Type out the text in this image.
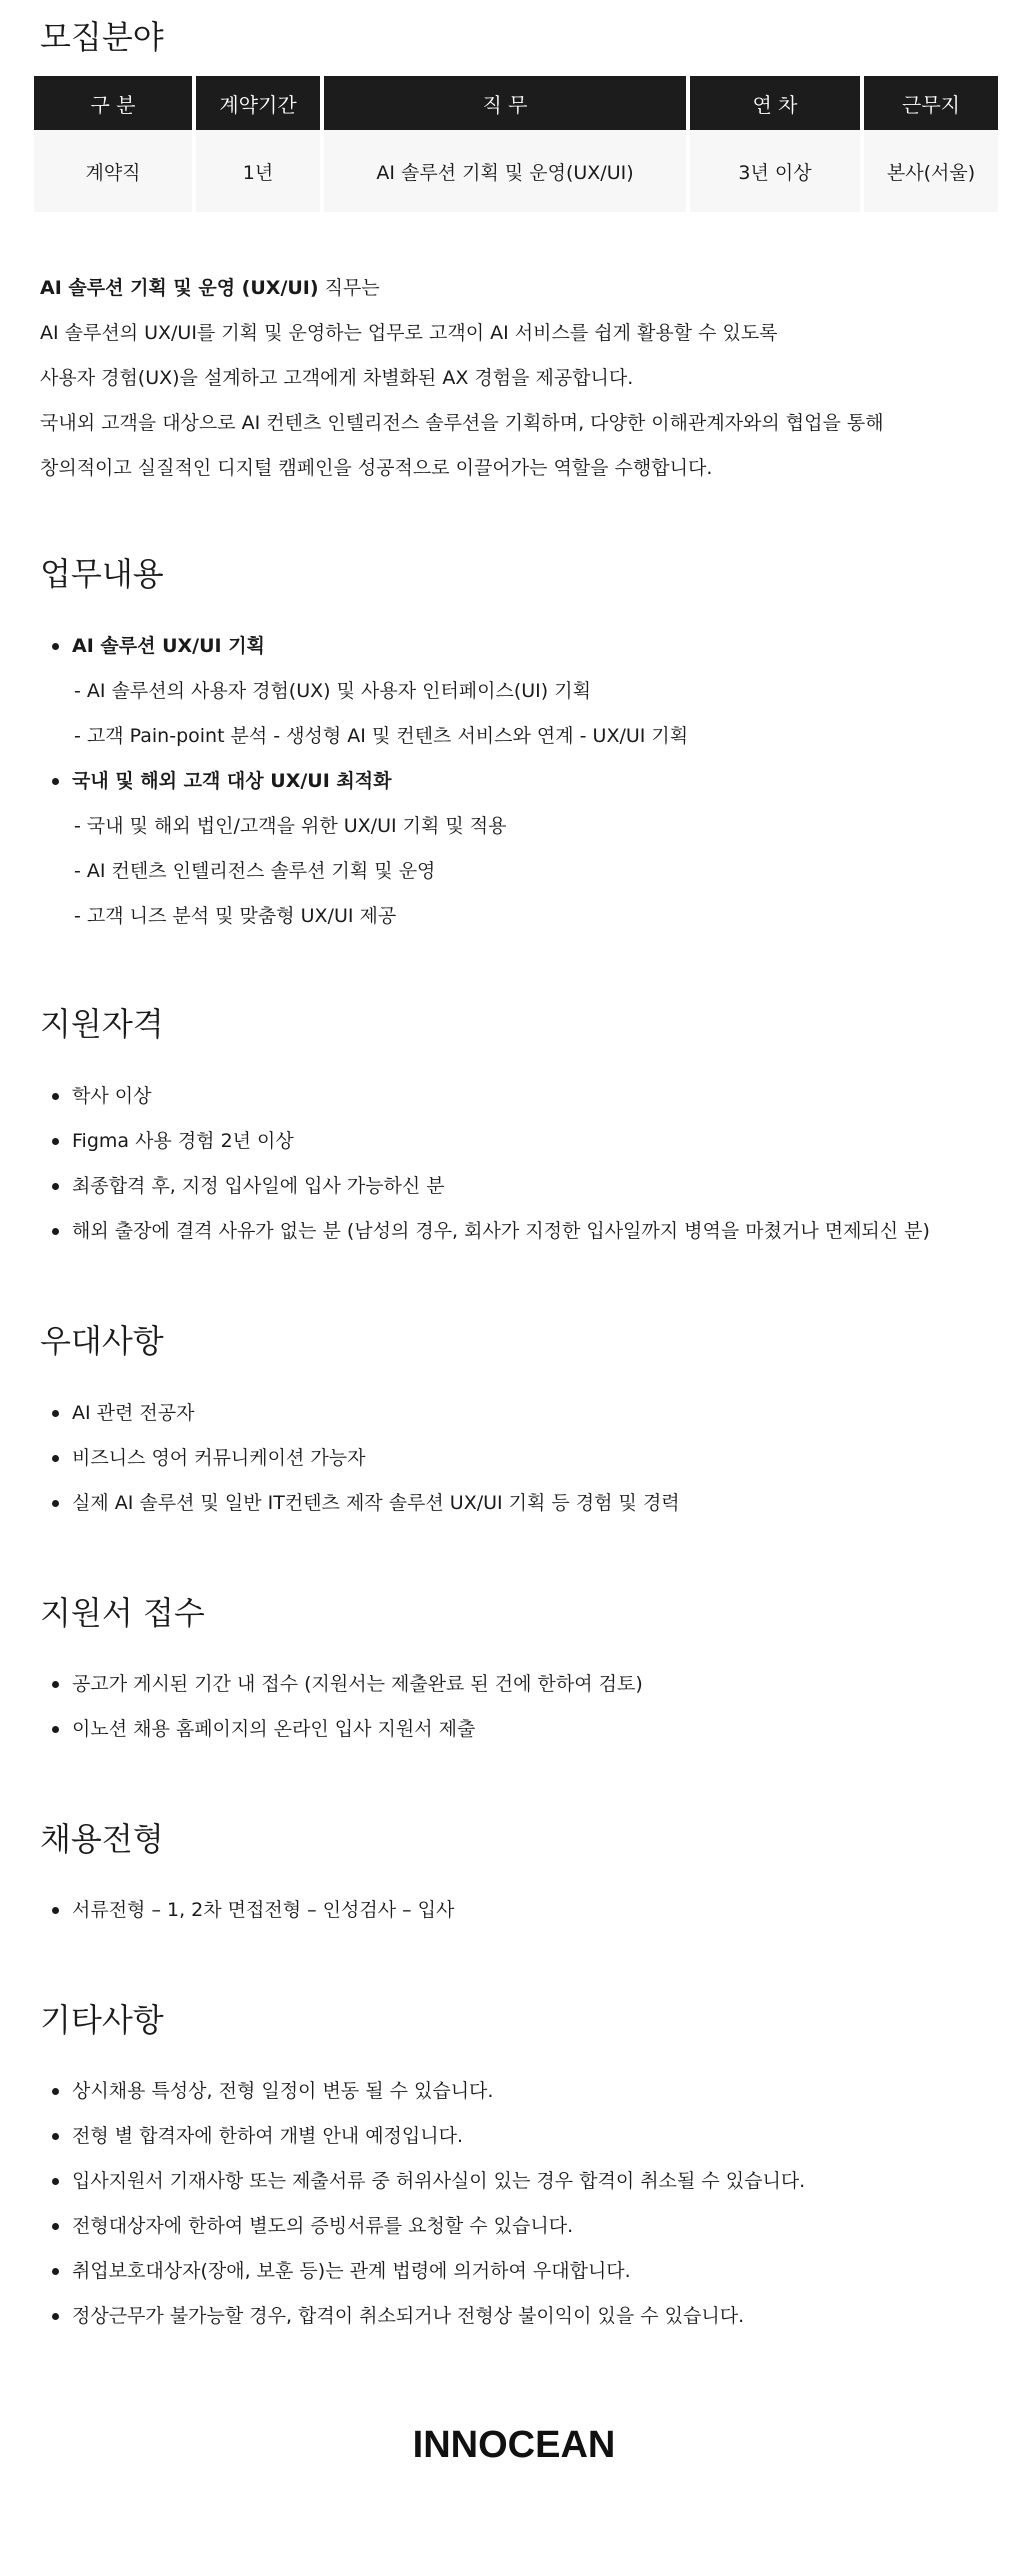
모집분야
구 분	계약기간	직 무	연 차	근무지
계약직	1년	AI 솔루션 기획 및 운영(UX/UI)	3년 이상	본사(서울)

AI 솔루션 기획 및 운영 (UX/UI) 직무는

AI 솔루션의 UX/UI를 기획 및 운영하는 업무로 고객이 AI 서비스를 쉽게 활용할 수 있도록

사용자 경험(UX)을 설계하고 고객에게 차별화된 AX 경험을 제공합니다.

국내외 고객을 대상으로 AI 컨텐츠 인텔리전스 솔루션을 기획하며, 다양한 이해관계자와의 협업을 통해

창의적이고 실질적인 디지털 캠페인을 성공적으로 이끌어가는 역할을 수행합니다.

업무내용
AI 솔루션 UX/UI 기획
- AI 솔루션의 사용자 경험(UX) 및 사용자 인터페이스(UI) 기획
- 고객 Pain-point 분석 - 생성형 AI 및 컨텐츠 서비스와 연계 - UX/UI 기획
국내 및 해외 고객 대상 UX/UI 최적화
- 국내 및 해외 법인/고객을 위한 UX/UI 기획 및 적용
- AI 컨텐츠 인텔리전스 솔루션 기획 및 운영
- 고객 니즈 분석 및 맞춤형 UX/UI 제공
지원자격
학사 이상
Figma 사용 경험 2년 이상
최종합격 후, 지정 입사일에 입사 가능하신 분
해외 출장에 결격 사유가 없는 분 (남성의 경우, 회사가 지정한 입사일까지 병역을 마쳤거나 면제되신 분)
우대사항
AI 관련 전공자
비즈니스 영어 커뮤니케이션 가능자
실제 AI 솔루션 및 일반 IT컨텐츠 제작 솔루션 UX/UI 기획 등 경험 및 경력
지원서 접수
공고가 게시된 기간 내 접수 (지원서는 제출완료 된 건에 한하여 검토)
이노션 채용 홈페이지의 온라인 입사 지원서 제출
채용전형
서류전형 – 1, 2차 면접전형 – 인성검사 – 입사
기타사항
상시채용 특성상, 전형 일정이 변동 될 수 있습니다.
전형 별 합격자에 한하여 개별 안내 예정입니다.
입사지원서 기재사항 또는 제출서류 중 허위사실이 있는 경우 합격이 취소될 수 있습니다.
전형대상자에 한하여 별도의 증빙서류를 요청할 수 있습니다.
취업보호대상자(장애, 보훈 등)는 관계 법령에 의거하여 우대합니다.
정상근무가 불가능할 경우, 합격이 취소되거나 전형상 불이익이 있을 수 있습니다.
INNOCEAN
